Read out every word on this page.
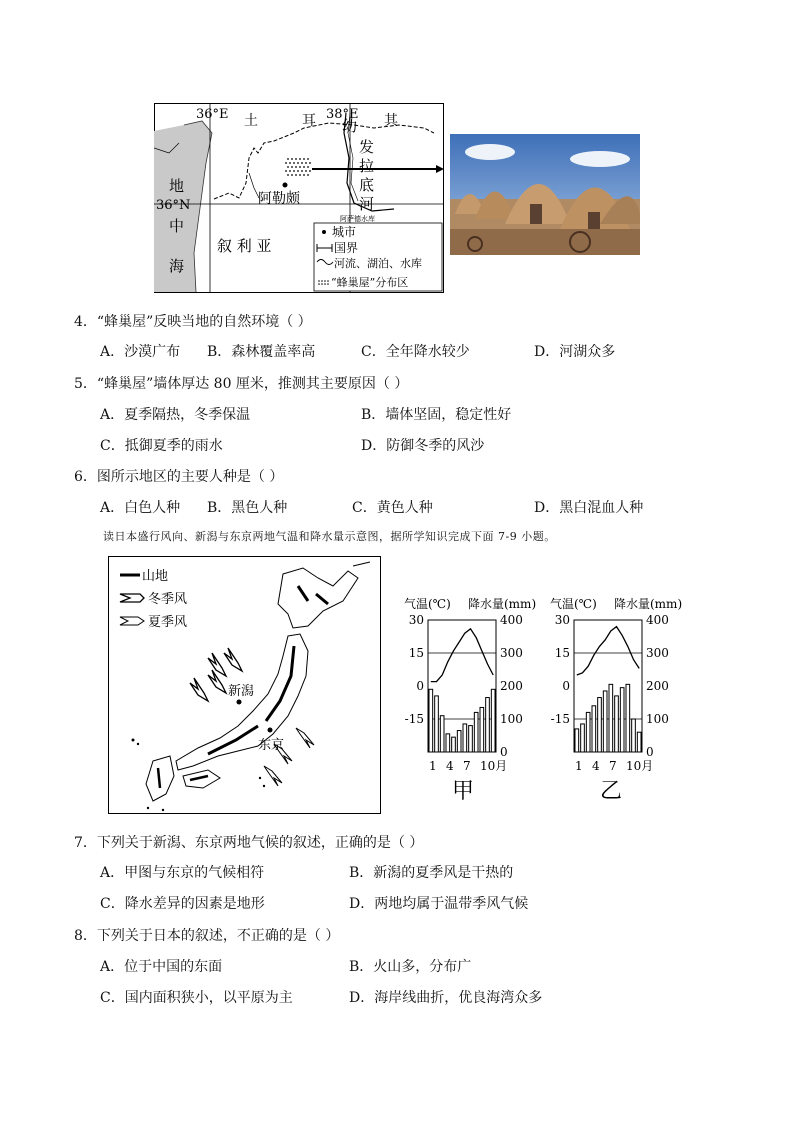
36°E	38°E
36°N
土	耳	其
地
中
海
叙 利 亚
阿勒颇
幼
发
拉
底
河
阿萨德水库
城市
国界
河流、湖泊、水库
“蜂巢屋”分布区
4．“蜂巢屋”反映当地的自然环境（ ）
A．沙漠广布 B．森林覆盖率高	C．全年降水较少	D．河湖众多
5．“蜂巢屋”墙体厚达 80 厘米，推测其主要原因（ ）
A．夏季隔热，冬季保温	B．墙体坚固，稳定性好
C．抵御夏季的雨水	D．防御冬季的风沙
6．图所示地区的主要人种是（ ）
A．白色人种 B．黑色人种	C．黄色人种	D．黑白混血人种
读日本盛行风向、新潟与东京两地气温和降水量示意图，据所学知识完成下面 7-9 小题。
山地
冬季风
夏季风
新潟
东京
气温(℃) 降水量(mm)
甲
气温(℃) 降水量(mm)
乙
30
15
0
-15
400
300
200
100
0
1 4 7 10月
30
15
0
-15
400
300
200
100
0
1 4 7 10月
7．下列关于新潟、东京两地气候的叙述，正确的是（ ）
A．甲图与东京的气候相符	B．新潟的夏季风是干热的
C．降水差异的因素是地形	D．两地均属于温带季风气候
8．下列关于日本的叙述，不正确的是（ ）
A．位于中国的东面	B．火山多，分布广
C．国内面积狭小，以平原为主	D．海岸线曲折，优良海湾众多
